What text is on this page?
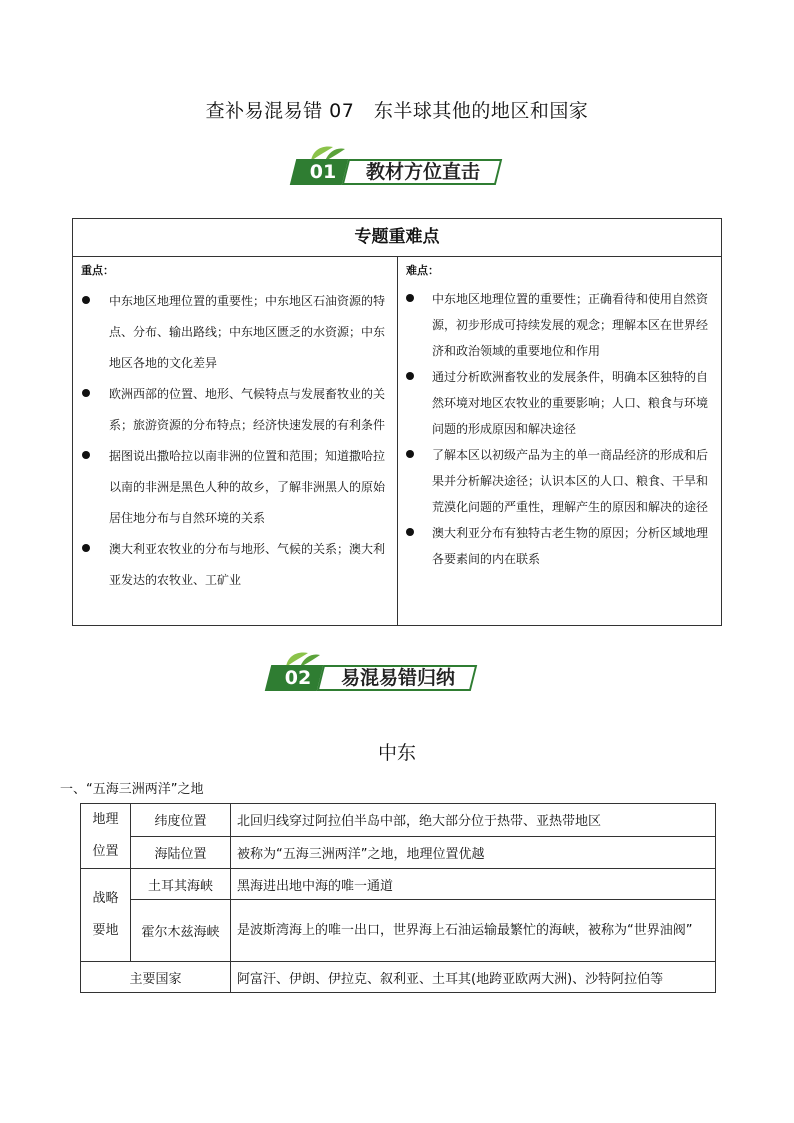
查补易混易错 07　东半球其他的地区和国家
01	教材方位直击
专题重难点
重点：
中东地区地理位置的重要性；中东地区石油资源的特点、分布、输出路线；中东地区匮乏的水资源；中东地区各地的文化差异
欧洲西部的位置、地形、气候特点与发展畜牧业的关系；旅游资源的分布特点；经济快速发展的有利条件
据图说出撒哈拉以南非洲的位置和范围；知道撒哈拉以南的非洲是黑色人种的故乡，了解非洲黑人的原始居住地分布与自然环境的关系
澳大利亚农牧业的分布与地形、气候的关系；澳大利亚发达的农牧业、工矿业
难点：
中东地区地理位置的重要性；正确看待和使用自然资源，初步形成可持续发展的观念；理解本区在世界经济和政治领域的重要地位和作用
通过分析欧洲畜牧业的发展条件，明确本区独特的自然环境对地区农牧业的重要影响；人口、粮食与环境问题的形成原因和解决途径
了解本区以初级产品为主的单一商品经济的形成和后果并分析解决途径；认识本区的人口、粮食、干旱和荒漠化问题的严重性，理解产生的原因和解决的途径
澳大利亚分布有独特古老生物的原因；分析区域地理各要素间的内在联系
02	易混易错归纳
中东
一、“五海三洲两洋”之地
地理位置	纬度位置	北回归线穿过阿拉伯半岛中部，绝大部分位于热带、亚热带地区
	海陆位置	被称为“五海三洲两洋”之地，地理位置优越
战略要地	土耳其海峡	黑海进出地中海的唯一通道
	霍尔木兹海峡	是波斯湾海上的唯一出口，世界海上石油运输最繁忙的海峡，被称为“世界油阀”
主要国家		阿富汗、伊朗、伊拉克、叙利亚、土耳其(地跨亚欧两大洲)、沙特阿拉伯等
